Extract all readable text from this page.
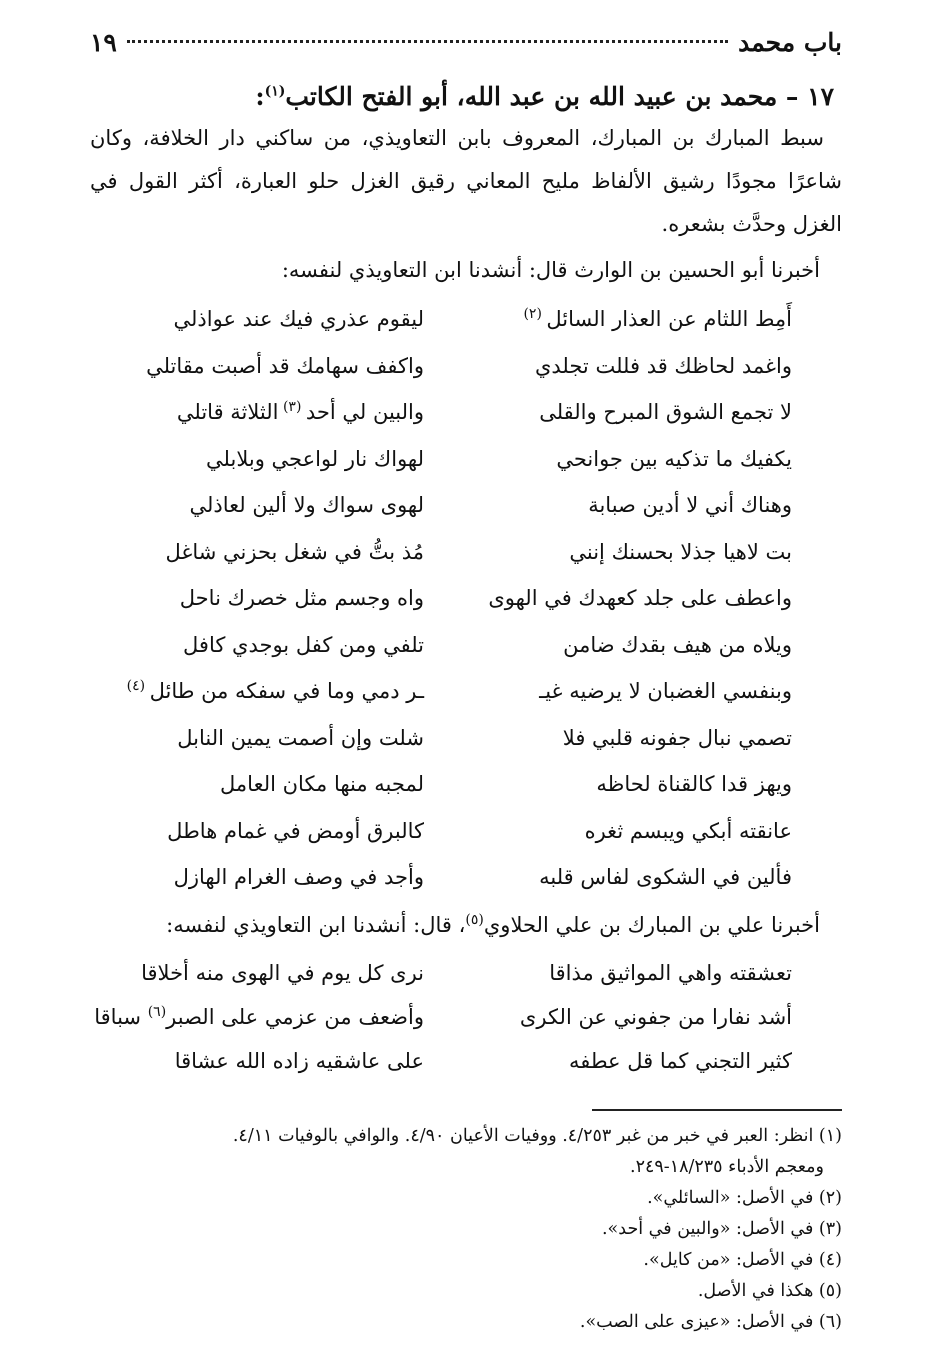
باب محمد
١٩
١٧ – محمد بن عبيد الله بن عبد الله، أبو الفتح الكاتب$^{(١)}$:

سبط المبارك بن المبارك، المعروف بابن التعاويذي، من ساكني دار الخلافة، وكان شاعرًا مجودًا رشيق الألفاظ مليح المعاني رقيق الغزل حلو العبارة، أكثر القول في الغزل وحدَّث بشعره.

أخبرنا أبو الحسين بن الوارث قال: أنشدنا ابن التعاويذي لنفسه:
أَمِط اللثام عن العذار السائل $^{(٢)}$
ليقوم عذري فيك عند عواذلي
واغمد لحاظك قد فللت تجلدي
واكفف سهامك قد أصبت مقاتلي
لا تجمع الشوق المبرح والقلى
والبين لي أحد $^{(٣)}$ الثلاثة قاتلي
يكفيك ما تذكيه بين جوانحي
لهواك نار لواعجي وبلابلي
وهناك أني لا أدين صبابة
لهوى سواك ولا ألين لعاذلي
بت لاهيا جذلا بحسنك إنني
مُذ بتُّ في شغل بحزني شاغل
واعطف على جلد كعهدك في الهوى
واه وجسم مثل خصرك ناحل
ويلاه من هيف بقدك ضامن
تلفي ومن كفل بوجدي كافل
وبنفسي الغضبان لا يرضيه غيـ
ـر دمي وما في سفكه من طائل $^{(٤)}$
تصمي نبال جفونه قلبي فلا
شلت وإن أصمت يمين النابل
ويهز قدا كالقناة لحاظه
لمجبه منها مكان العامل
عانقته أبكي ويبسم ثغره
كالبرق أومض في غمام هاطل
فألين في الشكوى لفاس قلبه
وأجد في وصف الغرام الهازل
أخبرنا علي بن المبارك بن علي الحلاوي$^{(٥)}$، قال: أنشدنا ابن التعاويذي لنفسه:
تعشقته واهي المواثيق مذاقا
نرى كل يوم في الهوى منه أخلاقا
أشد نفارا من جفوني عن الكرى
وأضعف من عزمي على الصبر$^{(٦)}$ سباقا
كثير التجني كما قل عطفه
على عاشقيه زاده الله عشاقا
(١) انظر: العبر في خبر من غبر ٤/٢٥٣. ووفيات الأعيان ٤/٩٠. والوافي بالوفيات ٤/١١.
ومعجم الأدباء ١٨/٢٣٥-٢٤٩.
(٢) في الأصل: «السائلي».
(٣) في الأصل: «والبين في أحد».
(٤) في الأصل: «من كايل».
(٥) هكذا في الأصل.
(٦) في الأصل: «عيزى على الصب».
